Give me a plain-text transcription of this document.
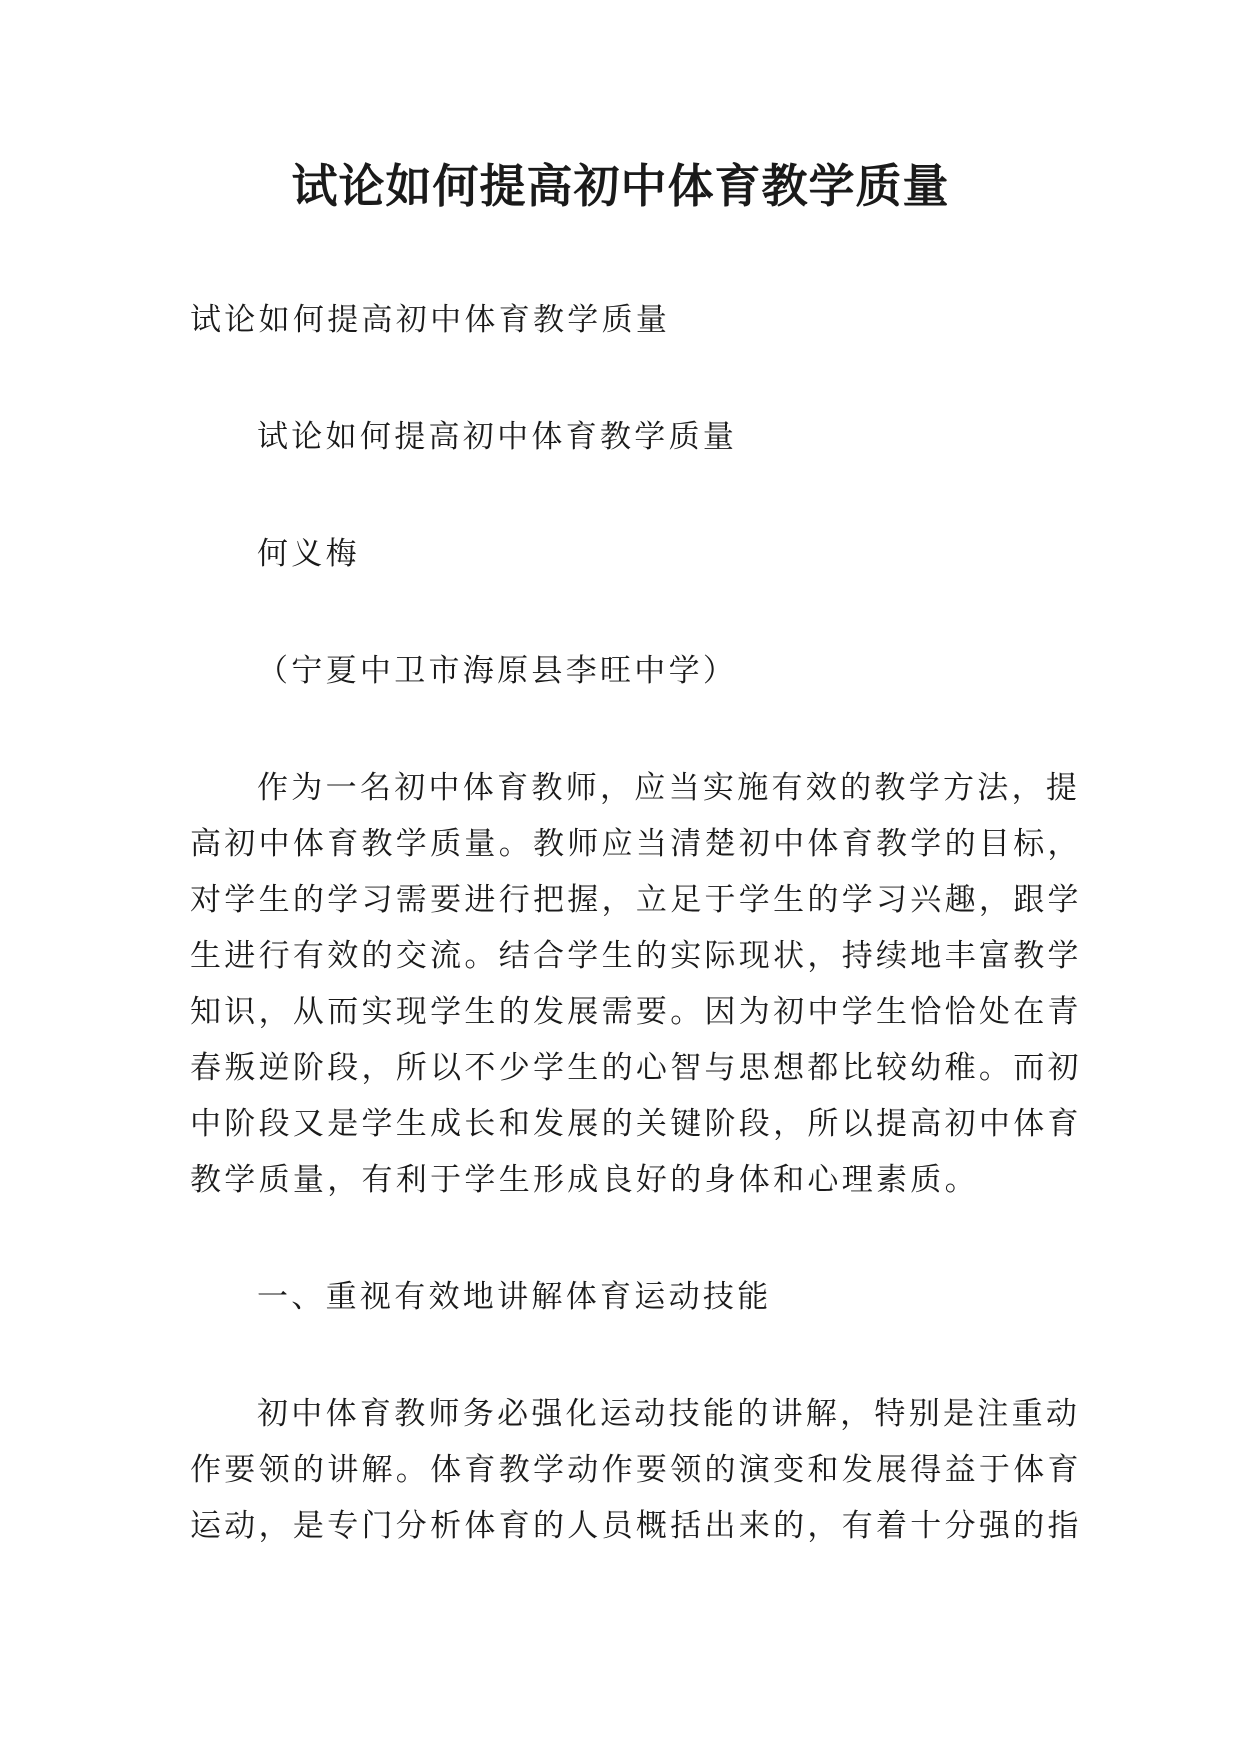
试论如何提高初中体育教学质量

试论如何提高初中体育教学质量

试论如何提高初中体育教学质量

何义梅

（宁夏中卫市海原县李旺中学）

作为一名初中体育教师，应当实施有效的教学方法，提

高初中体育教学质量。教师应当清楚初中体育教学的目标，

对学生的学习需要进行把握，立足于学生的学习兴趣，跟学

生进行有效的交流。结合学生的实际现状，持续地丰富教学

知识，从而实现学生的发展需要。因为初中学生恰恰处在青

春叛逆阶段，所以不少学生的心智与思想都比较幼稚。而初

中阶段又是学生成长和发展的关键阶段，所以提高初中体育

教学质量，有利于学生形成良好的身体和心理素质。

一、重视有效地讲解体育运动技能

初中体育教师务必强化运动技能的讲解，特别是注重动

作要领的讲解。体育教学动作要领的演变和发展得益于体育

运动，是专门分析体育的人员概括出来的，有着十分强的指
